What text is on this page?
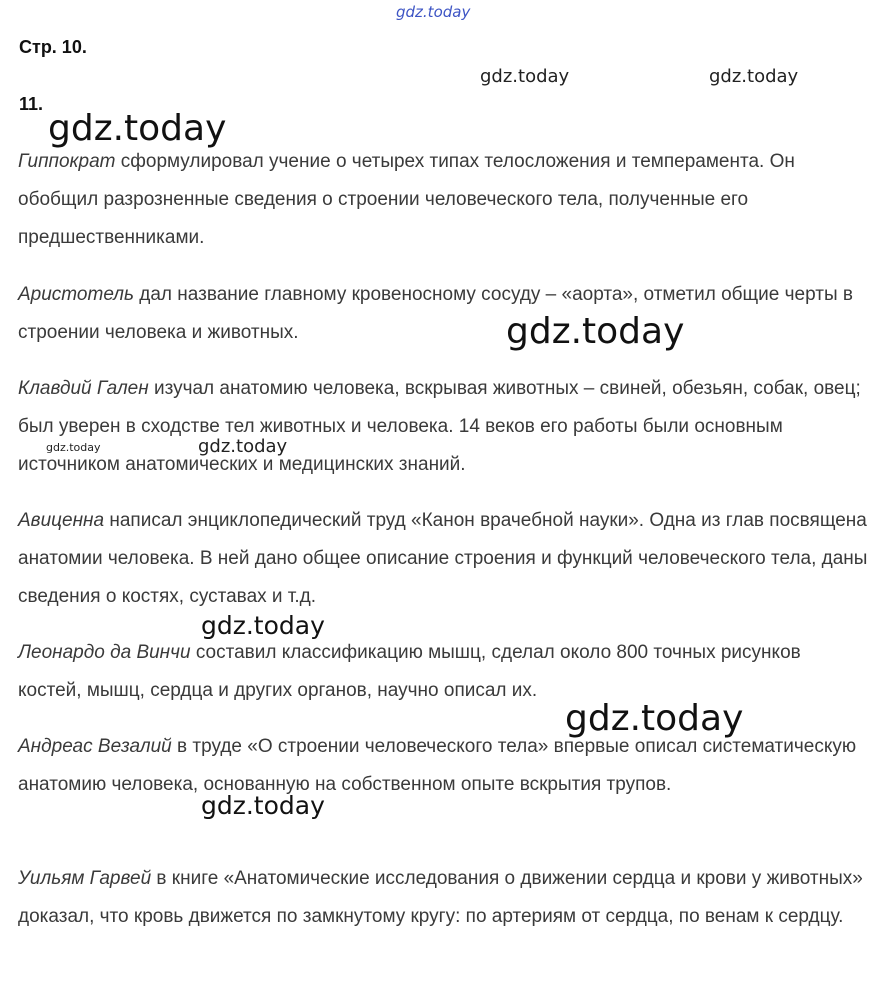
gdz.today
Стр. 10.
gdz.today	gdz.today
11.
gdz.today

Гиппократ сформулировал учение о четырех типах телосложения и темперамента. Он обобщил разрозненные сведения о строении человеческого тела, полученные его предшественниками.

Аристотель дал название главному кровеносному сосуду – «аорта», отметил общие черты в строении человека и животных.	gdz.today

Клавдий Гален изучал анатомию человека, вскрывая животных – свиней, обезьян, собак, овец; был уверен в сходстве тел животных и человека. 14 веков его работы были основным источником анатомических и медицинских знаний.

gdz.today	gdz.today

Авиценна написал энциклопедический труд «Канон врачебной науки». Одна из глав посвящена анатомии человека. В ней дано общее описание строения и функций человеческого тела, даны сведения о костях, суставах и т.д.

gdz.today

Леонардо да Винчи составил классификацию мышц, сделал около 800 точных рисунков костей, мышц, сердца и других органов, научно описал их.

gdz.today

Андреас Везалий в труде «О строении человеческого тела» впервые описал систематическую анатомию человека, основанную на собственном опыте вскрытия трупов.

gdz.today

Уильям Гарвей в книге «Анатомические исследования о движении сердца и крови у животных» доказал, что кровь движется по замкнутому кругу: по артериям от сердца, по венам к сердцу.
